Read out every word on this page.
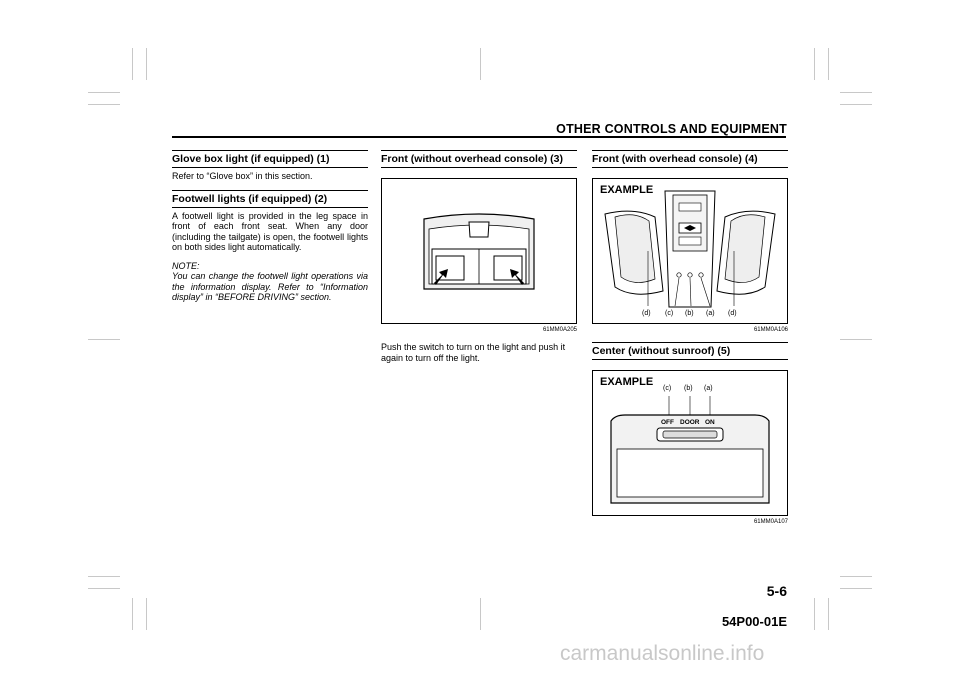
OTHER CONTROLS AND EQUIPMENT
Glove box light (if equipped) (1)
Refer to “Glove box” in this section.
Footwell lights (if equipped) (2)
A footwell light is provided in the leg space in front of each front seat. When any door (including the tailgate) is open, the footwell lights on both sides light automatically.
NOTE:
You can change the footwell light operations via the information display. Refer to “Information display” in “BEFORE DRIVING” section.
Front (without overhead console) (3)
61MM0A205
Push the switch to turn on the light and push it again to turn off the light.
Front (with overhead console) (4)
EXAMPLE
(d) (c) (b) (a) (d)
61MM0A106
Center (without sunroof) (5)
EXAMPLE
(c) (b) (a)
OFF DOOR ON
61MM0A107
5-6
54P00-01E
carmanualsonline.info
